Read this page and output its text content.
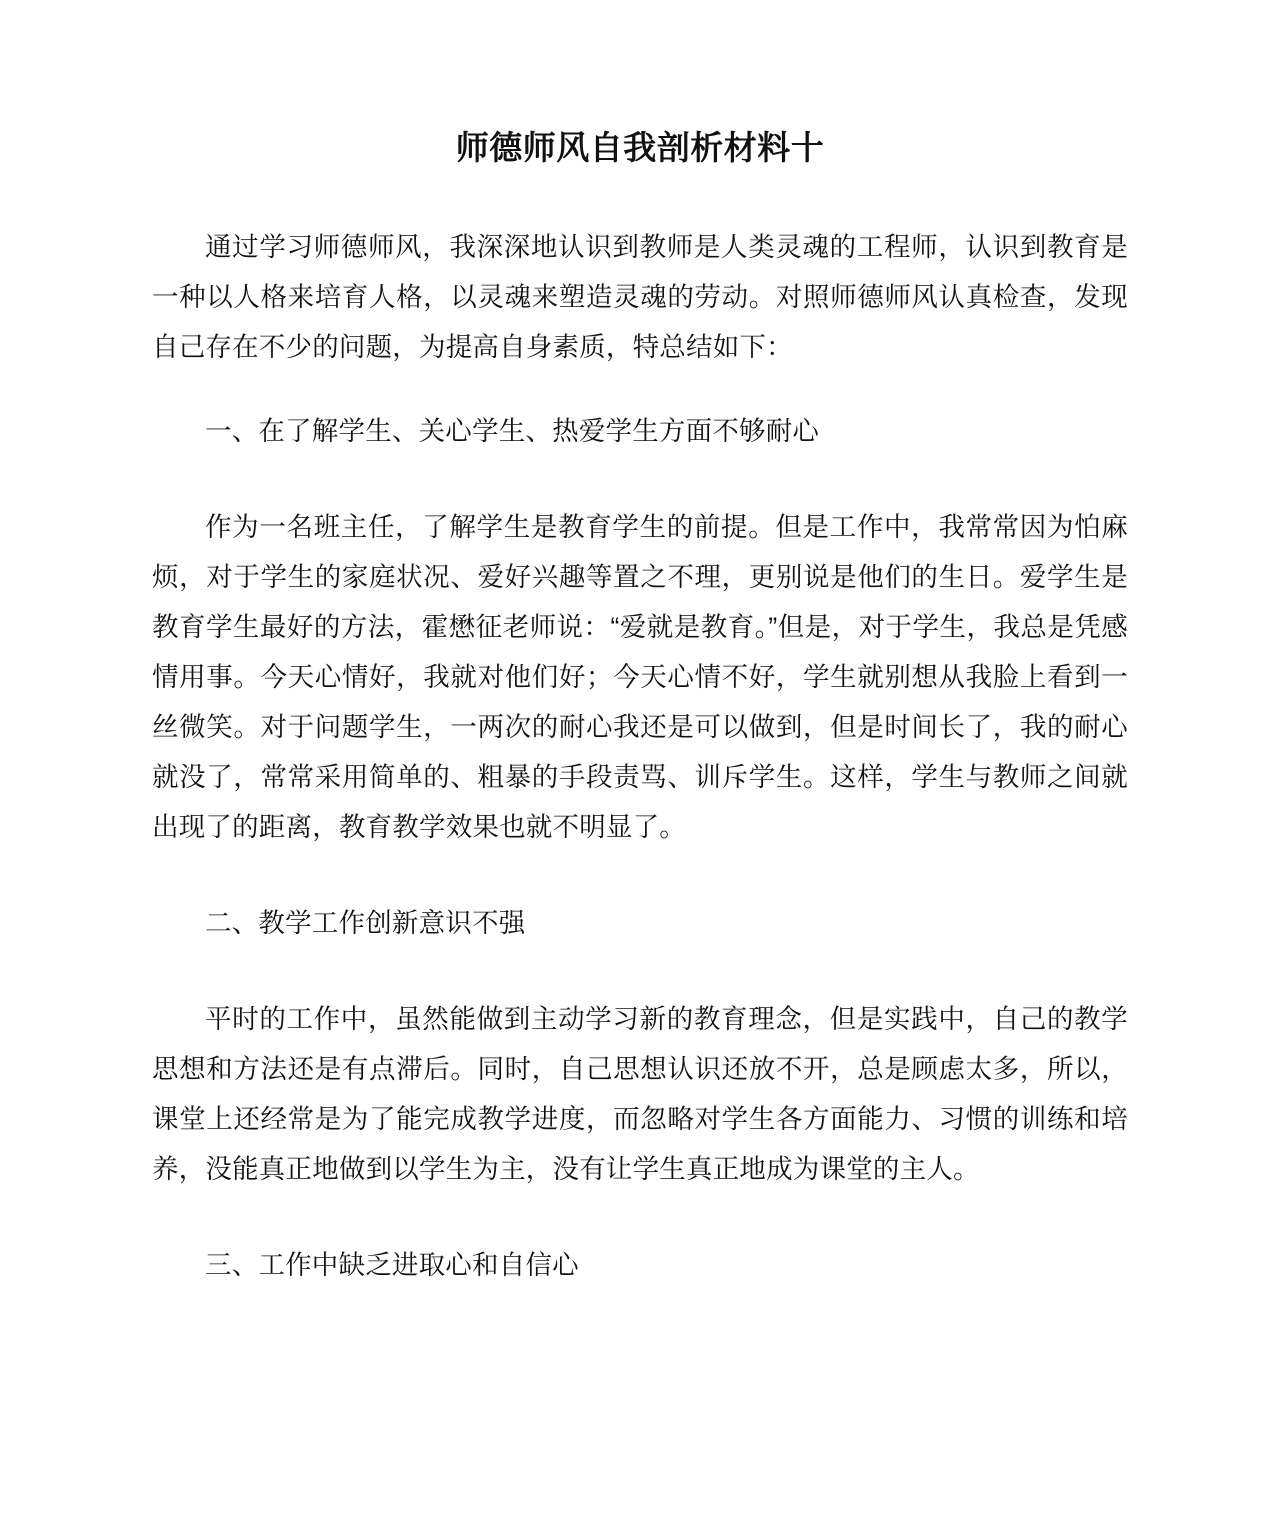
师德师风自我剖析材料十

通过学习师德师风，我深深地认识到教师是人类灵魂的工程师，认识到教育是一种以人格来培育人格，以灵魂来塑造灵魂的劳动。对照师德师风认真检查，发现自己存在不少的问题，为提高自身素质，特总结如下：

一、在了解学生、关心学生、热爱学生方面不够耐心

作为一名班主任，了解学生是教育学生的前提。但是工作中，我常常因为怕麻烦，对于学生的家庭状况、爱好兴趣等置之不理，更别说是他们的生日。爱学生是教育学生最好的方法，霍懋征老师说：“爱就是教育。”但是，对于学生，我总是凭感情用事。今天心情好，我就对他们好；今天心情不好，学生就别想从我脸上看到一丝微笑。对于问题学生，一两次的耐心我还是可以做到，但是时间长了，我的耐心就没了，常常采用简单的、粗暴的手段责骂、训斥学生。这样，学生与教师之间就出现了的距离，教育教学效果也就不明显了。

二、教学工作创新意识不强

平时的工作中，虽然能做到主动学习新的教育理念，但是实践中，自己的教学思想和方法还是有点滞后。同时，自己思想认识还放不开，总是顾虑太多，所以，课堂上还经常是为了能完成教学进度，而忽略对学生各方面能力、习惯的训练和培养，没能真正地做到以学生为主，没有让学生真正地成为课堂的主人。

三、工作中缺乏进取心和自信心
